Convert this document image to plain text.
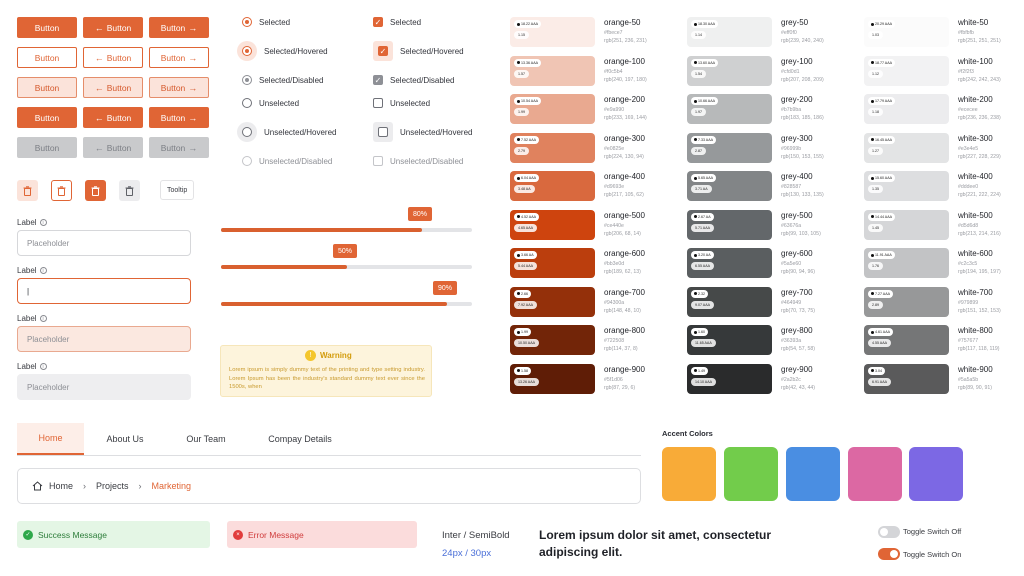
Button	← Button	Button →
Button	← Button	Button →
Button	← Button	Button →
Button	← Button	Button →
Button	← Button	Button →
Tooltip
Label	i
Placeholder
Label	i
|
Label	i
Placeholder
Label	i
Placeholder
Selected
Selected/Hovered
Selected/Disabled
Unselected
Unselected/Hovered
Unselected/Disabled
✓ Selected
✓ Selected/Hovered
✓ Selected/Disabled
Unselected
Unselected/Hovered
Unselected/Disabled
80%
50%
90%
!	Warning
Lorem ipsum is simply dummy text of the printing and type setting industry. Lorem Ipsum has been the industry's standard dummy text ever since the 1500s, when
18.22 AAA
1.15
orange-50
#fbece7
rgb(251, 236, 231)
13.36 AAA
1.57
orange-100
#f0c5b4
rgb(240, 197, 180)
10.54 AAA
1.99
orange-200
#e9a990
rgb(233, 169, 144)
7.52 AAA
2.79
orange-300
#e0825e
rgb(224, 130, 94)
6.04 AAA
3.48 AA
orange-400
#d9693e
rgb(217, 105, 62)
4.52 AAA
4.65 AAA
orange-500
#ce440e
rgb(206, 68, 14)
3.66 AA
5.44 AAA
orange-600
#bb3e0d
rgb(189, 62, 13)
2.66
7.92 AAA
orange-700
#94300a
rgb(148, 48, 10)
1.99
10.50 AAA
orange-800
#722508
rgb(114, 37, 8)
1.58
13.26 AAA
orange-900
#5f1d06
rgb(87, 29, 6)
18.30 AAA
1.14
grey-50
#eff0f0
rgb(239, 240, 240)
13.60 AAA
1.54
grey-100
#cfd0d1
rgb(207, 208, 209)
10.66 AAA
1.97
grey-200
#b7b9ba
rgb(183, 185, 186)
7.33 AAA
2.87
grey-300
#96999b
rgb(150, 153, 155)
5.65 AAA
3.71 AA
grey-400
#828587
rgb(130, 133, 135)
2.67 AA
5.71 AAA
grey-500
#63676a
rgb(99, 103, 105)
3.20 AA
6.55 AAA
grey-600
#5a5e60
rgb(90, 94, 96)
2.32
9.07 AAA
grey-700
#464949
rgb(70, 73, 75)
1.60
11.65 AAA
grey-800
#36393a
rgb(54, 57, 58)
1.49
14.10 AAA
grey-900
#2a2b2c
rgb(42, 43, 44)
20.29 AAA
1.03
white-50
#fbfbfb
rgb(251, 251, 251)
18.77 AAA
1.12
white-100
#f2f2f3
rgb(242, 242, 243)
17.79 AAA
1.18
white-200
#ececee
rgb(236, 236, 238)
16.45 AAA
1.27
white-300
#e3e4e5
rgb(227, 228, 229)
15.60 AAA
1.35
white-400
#dddee0
rgb(221, 222, 224)
14.44 AAA
1.45
white-500
#d5d6d8
rgb(213, 214, 216)
11.91 AAA
1.76
white-600
#c2c3c5
rgb(194, 195, 197)
7.27 AAA
2.89
white-700
#979899
rgb(151, 152, 153)
4.61 AAA
4.55 AAA
white-800
#757677
rgb(117, 118, 119)
3.04
6.91 AAA
white-900
#5a5a5b
rgb(89, 90, 91)
Home	About Us	Our Team	Compay Details
Home › Projects › Marketing
Accent Colors
✓ Success Message	× Error Message	Inter / SemiBold
24px / 30px
Lorem ipsum dolor sit amet, consectetur adipiscing elit.
Toggle Switch Off
Toggle Switch On
